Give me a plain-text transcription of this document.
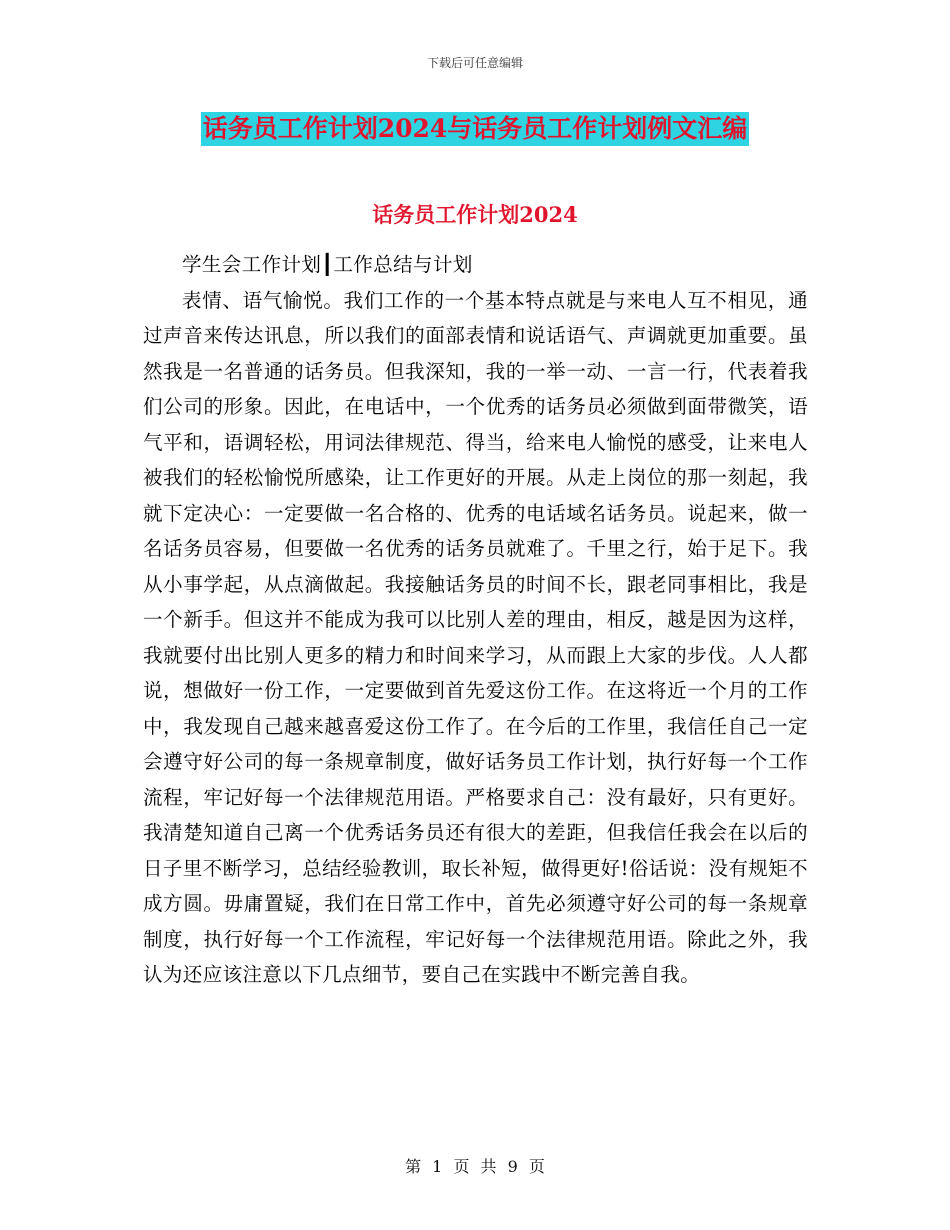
下载后可任意编辑
话务员工作计划2024与话务员工作计划例文汇编
话务员工作计划2024

学生会工作计划┃工作总结与计划

表情、语气愉悦。我们工作的一个基本特点就是与来电人互不相见，通过声音来传达讯息，所以我们的面部表情和说话语气、声调就更加重要。虽然我是一名普通的话务员。但我深知，我的一举一动、一言一行，代表着我们公司的形象。因此，在电话中，一个优秀的话务员必须做到面带微笑，语气平和，语调轻松，用词法律规范、得当，给来电人愉悦的感受，让来电人被我们的轻松愉悦所感染，让工作更好的开展。从走上岗位的那一刻起，我就下定决心：一定要做一名合格的、优秀的电话域名话务员。说起来，做一名话务员容易，但要做一名优秀的话务员就难了。千里之行，始于足下。我从小事学起，从点滴做起。我接触话务员的时间不长，跟老同事相比，我是一个新手。但这并不能成为我可以比别人差的理由，相反，越是因为这样，我就要付出比别人更多的精力和时间来学习，从而跟上大家的步伐。人人都说，想做好一份工作，一定要做到首先爱这份工作。在这将近一个月的工作中，我发现自己越来越喜爱这份工作了。在今后的工作里，我信任自己一定会遵守好公司的每一条规章制度，做好话务员工作计划，执行好每一个工作流程，牢记好每一个法律规范用语。严格要求自己：没有最好，只有更好。我清楚知道自己离一个优秀话务员还有很大的差距，但我信任我会在以后的日子里不断学习，总结经验教训，取长补短，做得更好!俗话说：没有规矩不成方圆。毋庸置疑，我们在日常工作中，首先必须遵守好公司的每一条规章制度，执行好每一个工作流程，牢记好每一个法律规范用语。除此之外，我认为还应该注意以下几点细节，要自己在实践中不断完善自我。

第 1 页 共 9 页
